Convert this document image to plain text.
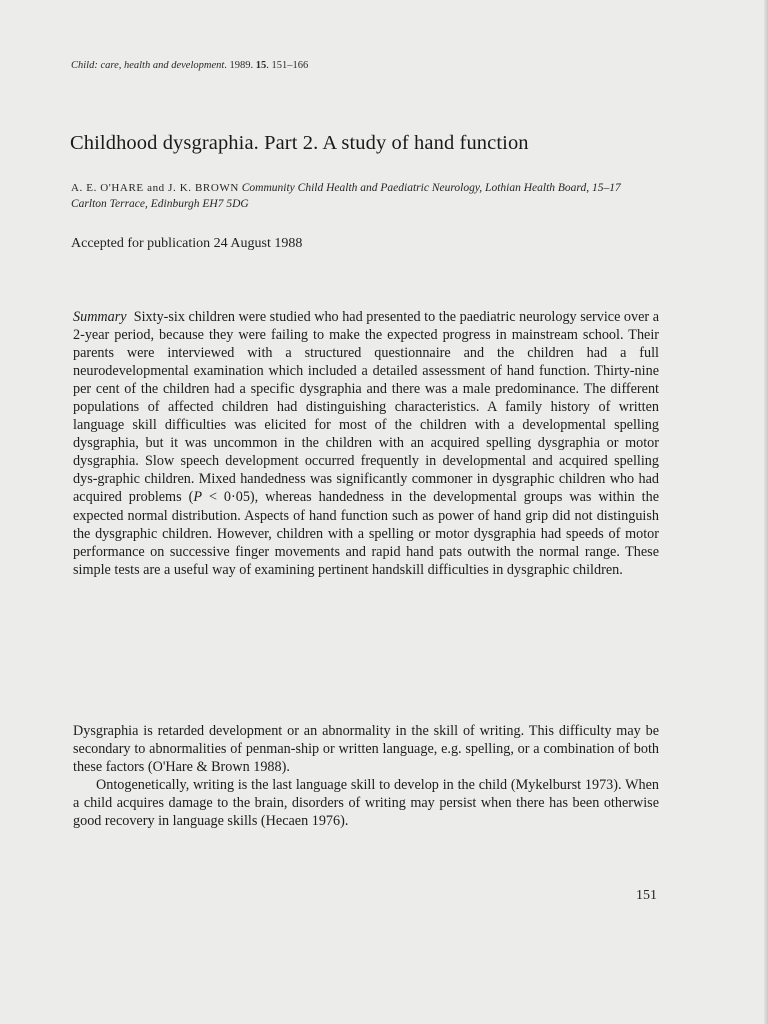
Child: care, health and development. 1989. 15. 151–166
Childhood dysgraphia. Part 2. A study of hand function
A. E. O'HARE and J. K. BROWN Community Child Health and Paediatric Neurology, Lothian Health Board, 15–17 Carlton Terrace, Edinburgh EH7 5DG
Accepted for publication 24 August 1988
Summary Sixty-six children were studied who had presented to the paediatric neurology service over a 2-year period, because they were failing to make the expected progress in mainstream school. Their parents were interviewed with a structured questionnaire and the children had a full neurodevelopmental examination which included a detailed assessment of hand function. Thirty-nine per cent of the children had a specific dysgraphia and there was a male predominance. The different populations of affected children had distinguishing characteristics. A family history of written language skill difficulties was elicited for most of the children with a developmental spelling dysgraphia, but it was uncommon in the children with an acquired spelling dysgraphia or motor dysgraphia. Slow speech development occurred frequently in developmental and acquired spelling dys-graphic children. Mixed handedness was significantly commoner in dysgraphic children who had acquired problems (P < 0·05), whereas handedness in the developmental groups was within the expected normal distribution. Aspects of hand function such as power of hand grip did not distinguish the dysgraphic children. However, children with a spelling or motor dysgraphia had speeds of motor performance on successive finger movements and rapid hand pats outwith the normal range. These simple tests are a useful way of examining pertinent handskill difficulties in dysgraphic children.

Dysgraphia is retarded development or an abnormality in the skill of writing. This difficulty may be secondary to abnormalities of penman-ship or written language, e.g. spelling, or a combination of both these factors (O'Hare & Brown 1988).

Ontogenetically, writing is the last language skill to develop in the child (Mykelburst 1973). When a child acquires damage to the brain, disorders of writing may persist when there has been otherwise good recovery in language skills (Hecaen 1976).

151
